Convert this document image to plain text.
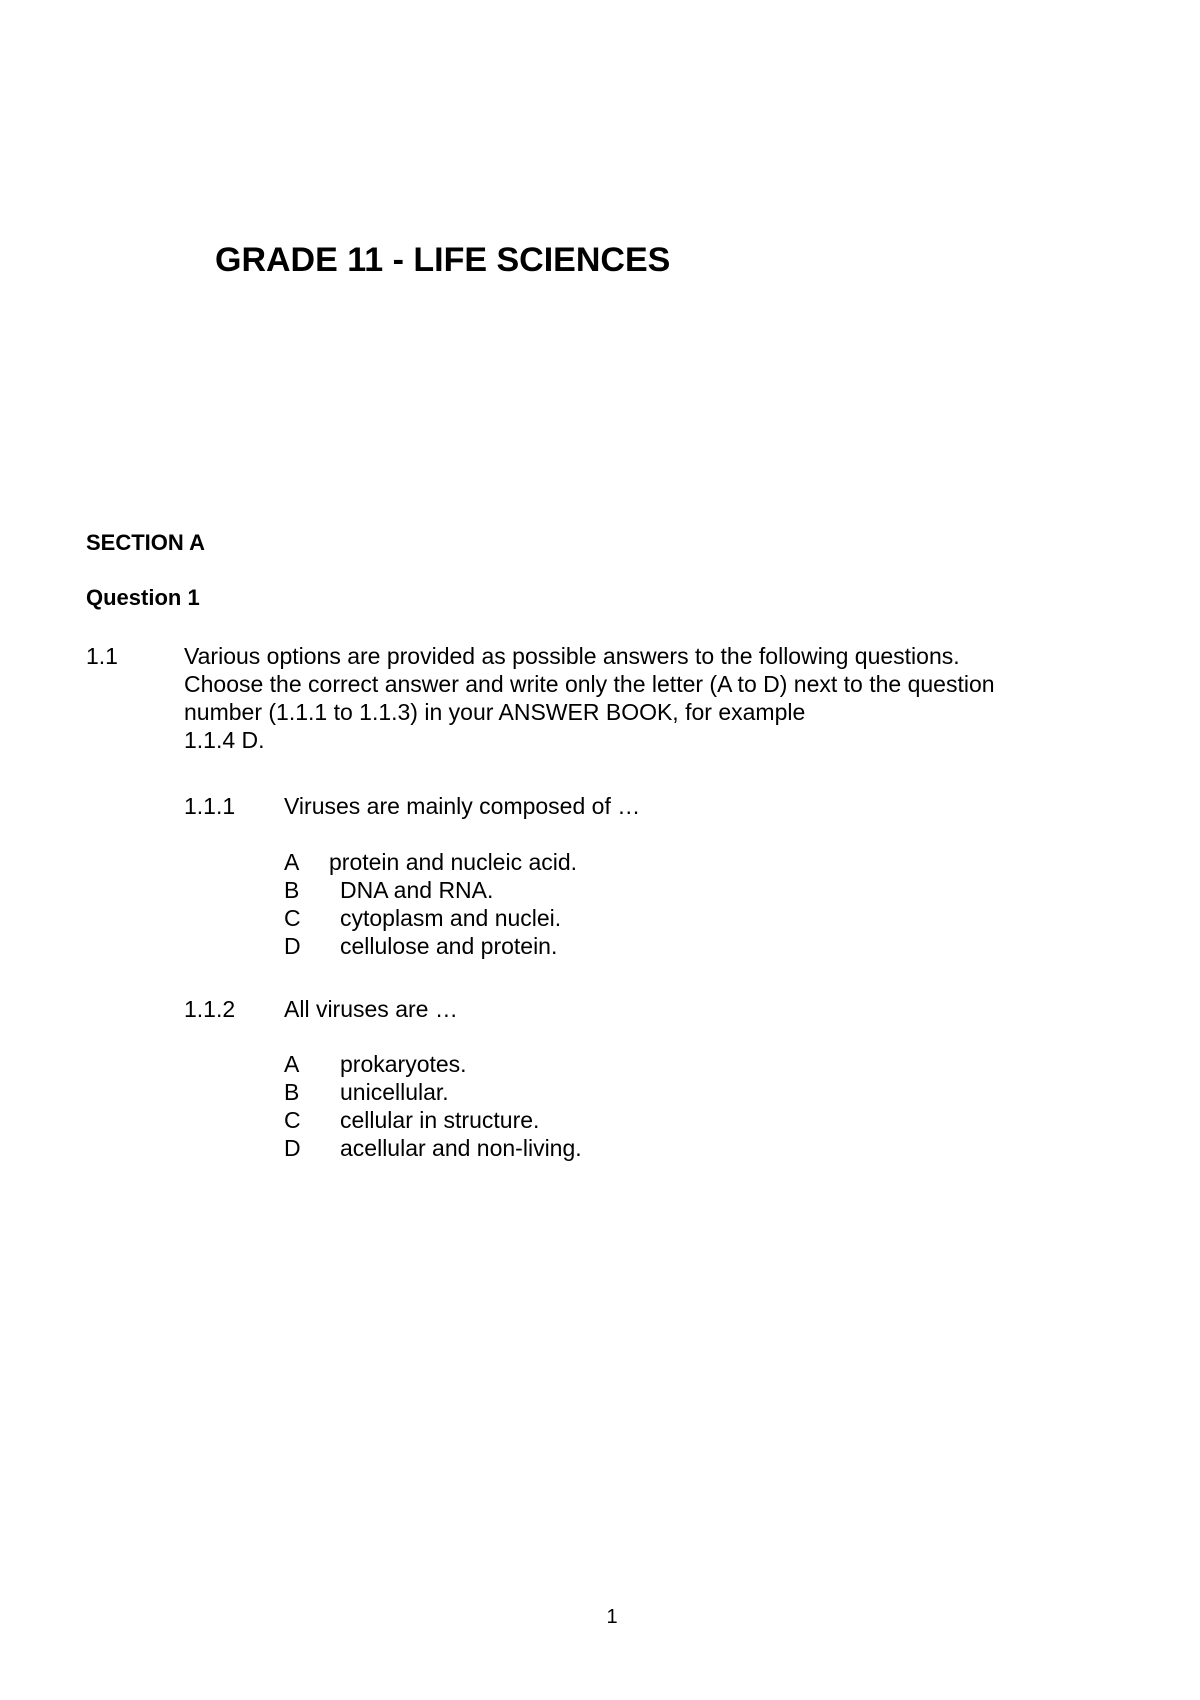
GRADE 11 - LIFE SCIENCES
SECTION A
Question 1
1.1	Various options are provided as possible answers to the following questions.
Choose the correct answer and write only the letter (A to D) next to the question
number (1.1.1 to 1.1.3) in your ANSWER BOOK, for example
1.1.4 D.
1.1.1 Viruses are mainly composed of …
A protein and nucleic acid.
B DNA and RNA.
C cytoplasm and nuclei.
D cellulose and protein.
1.1.2 All viruses are …
A prokaryotes.
B unicellular.
C cellular in structure.
D acellular and non-living.
1
